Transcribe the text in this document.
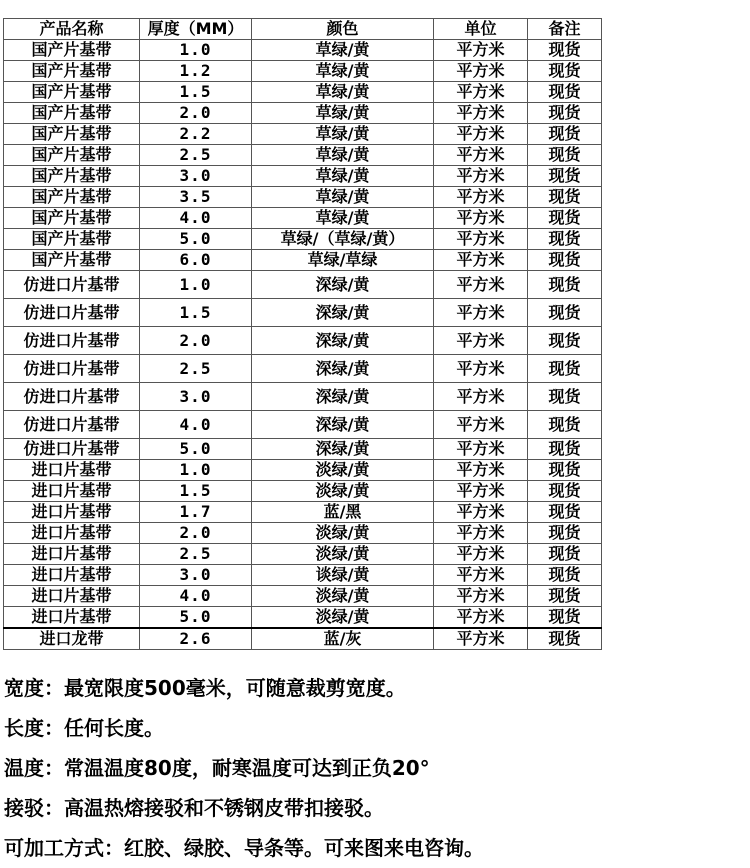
产品名称	厚度（MM）	颜色	单位	备注
国产片基带	1.0	草绿/黄	平方米	现货
国产片基带	1.2	草绿/黄	平方米	现货
国产片基带	1.5	草绿/黄	平方米	现货
国产片基带	2.0	草绿/黄	平方米	现货
国产片基带	2.2	草绿/黄	平方米	现货
国产片基带	2.5	草绿/黄	平方米	现货
国产片基带	3.0	草绿/黄	平方米	现货
国产片基带	3.5	草绿/黄	平方米	现货
国产片基带	4.0	草绿/黄	平方米	现货
国产片基带	5.0	草绿/（草绿/黄）	平方米	现货
国产片基带	6.0	草绿/草绿	平方米	现货
仿进口片基带	1.0	深绿/黄	平方米	现货
仿进口片基带	1.5	深绿/黄	平方米	现货
仿进口片基带	2.0	深绿/黄	平方米	现货
仿进口片基带	2.5	深绿/黄	平方米	现货
仿进口片基带	3.0	深绿/黄	平方米	现货
仿进口片基带	4.0	深绿/黄	平方米	现货
仿进口片基带	5.0	深绿/黄	平方米	现货
进口片基带	1.0	淡绿/黄	平方米	现货
进口片基带	1.5	淡绿/黄	平方米	现货
进口片基带	1.7	蓝/黑	平方米	现货
进口片基带	2.0	淡绿/黄	平方米	现货
进口片基带	2.5	淡绿/黄	平方米	现货
进口片基带	3.0	谈绿/黄	平方米	现货
进口片基带	4.0	淡绿/黄	平方米	现货
进口片基带	5.0	淡绿/黄	平方米	现货
进口龙带	2.6	蓝/灰	平方米	现货
宽度：最宽限度500毫米，可随意裁剪宽度。
长度：任何长度。
温度：常温温度80度，耐寒温度可达到正负20°
接驳：高温热熔接驳和不锈钢皮带扣接驳。
可加工方式：红胶、绿胶、导条等。可来图来电咨询。
